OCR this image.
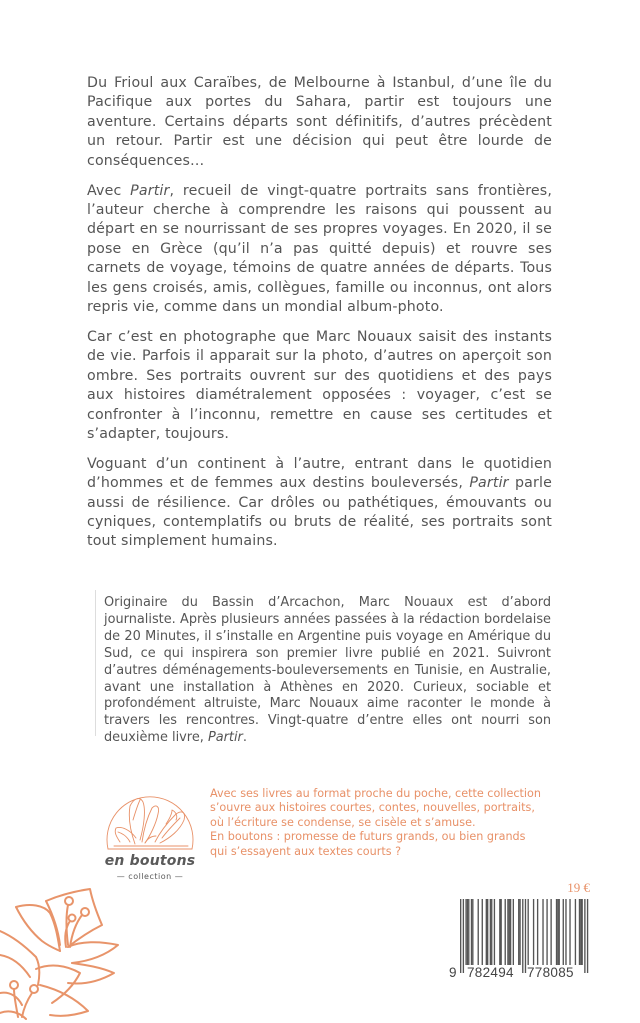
Du Frioul aux Caraïbes, de Melbourne à Istanbul, d’une île du Pacifique aux portes du Sahara, partir est toujours une aventure. Certains départs sont définitifs, d’autres précèdent un retour. Partir est une décision qui peut être lourde de conséquences…

Avec Partir, recueil de vingt-quatre portraits sans frontières, l’auteur cherche à comprendre les raisons qui poussent au départ en se nourrissant de ses propres voyages. En 2020, il se pose en Grèce (qu’il n’a pas quitté depuis) et rouvre ses carnets de voyage, témoins de quatre années de départs. Tous les gens croisés, amis, collègues, famille ou inconnus, ont alors repris vie, comme dans un mondial album-photo.

Car c’est en photographe que Marc Nouaux saisit des instants de vie. Parfois il apparait sur la photo, d’autres on aperçoit son ombre. Ses portraits ouvrent sur des quotidiens et des pays aux histoires diamétralement opposées : voyager, c’est se confronter à l’inconnu, remettre en cause ses certitudes et s’adapter, toujours.

Voguant d’un continent à l’autre, entrant dans le quotidien d’hommes et de femmes aux destins bouleversés, Partir parle aussi de résilience. Car drôles ou pathétiques, émouvants ou cyniques, contemplatifs ou bruts de réalité, ses portraits sont tout simplement humains.

Originaire du Bassin d’Arcachon, Marc Nouaux est d’abord journaliste. Après plusieurs années passées à la rédaction bordelaise de 20 Minutes, il s’installe en Argentine puis voyage en Amérique du Sud, ce qui inspirera son premier livre publié en 2021. Suivront d’autres déménagements-bouleversements en Tunisie, en Australie, avant une installation à Athènes en 2020. Curieux, sociable et profondément altruiste, Marc Nouaux aime raconter le monde à travers les rencontres. Vingt-quatre d’entre elles ont nourri son deuxième livre, Partir.

en boutons
— collection —

Avec ses livres au format proche du poche, cette collection

s’ouvre aux histoires courtes, contes, nouvelles, portraits,

où l’écriture se condense, se cisèle et s’amuse.

En boutons : promesse de futurs grands, ou bien grands

qui s’essayent aux textes courts ?

19 €
9 782494 778085
